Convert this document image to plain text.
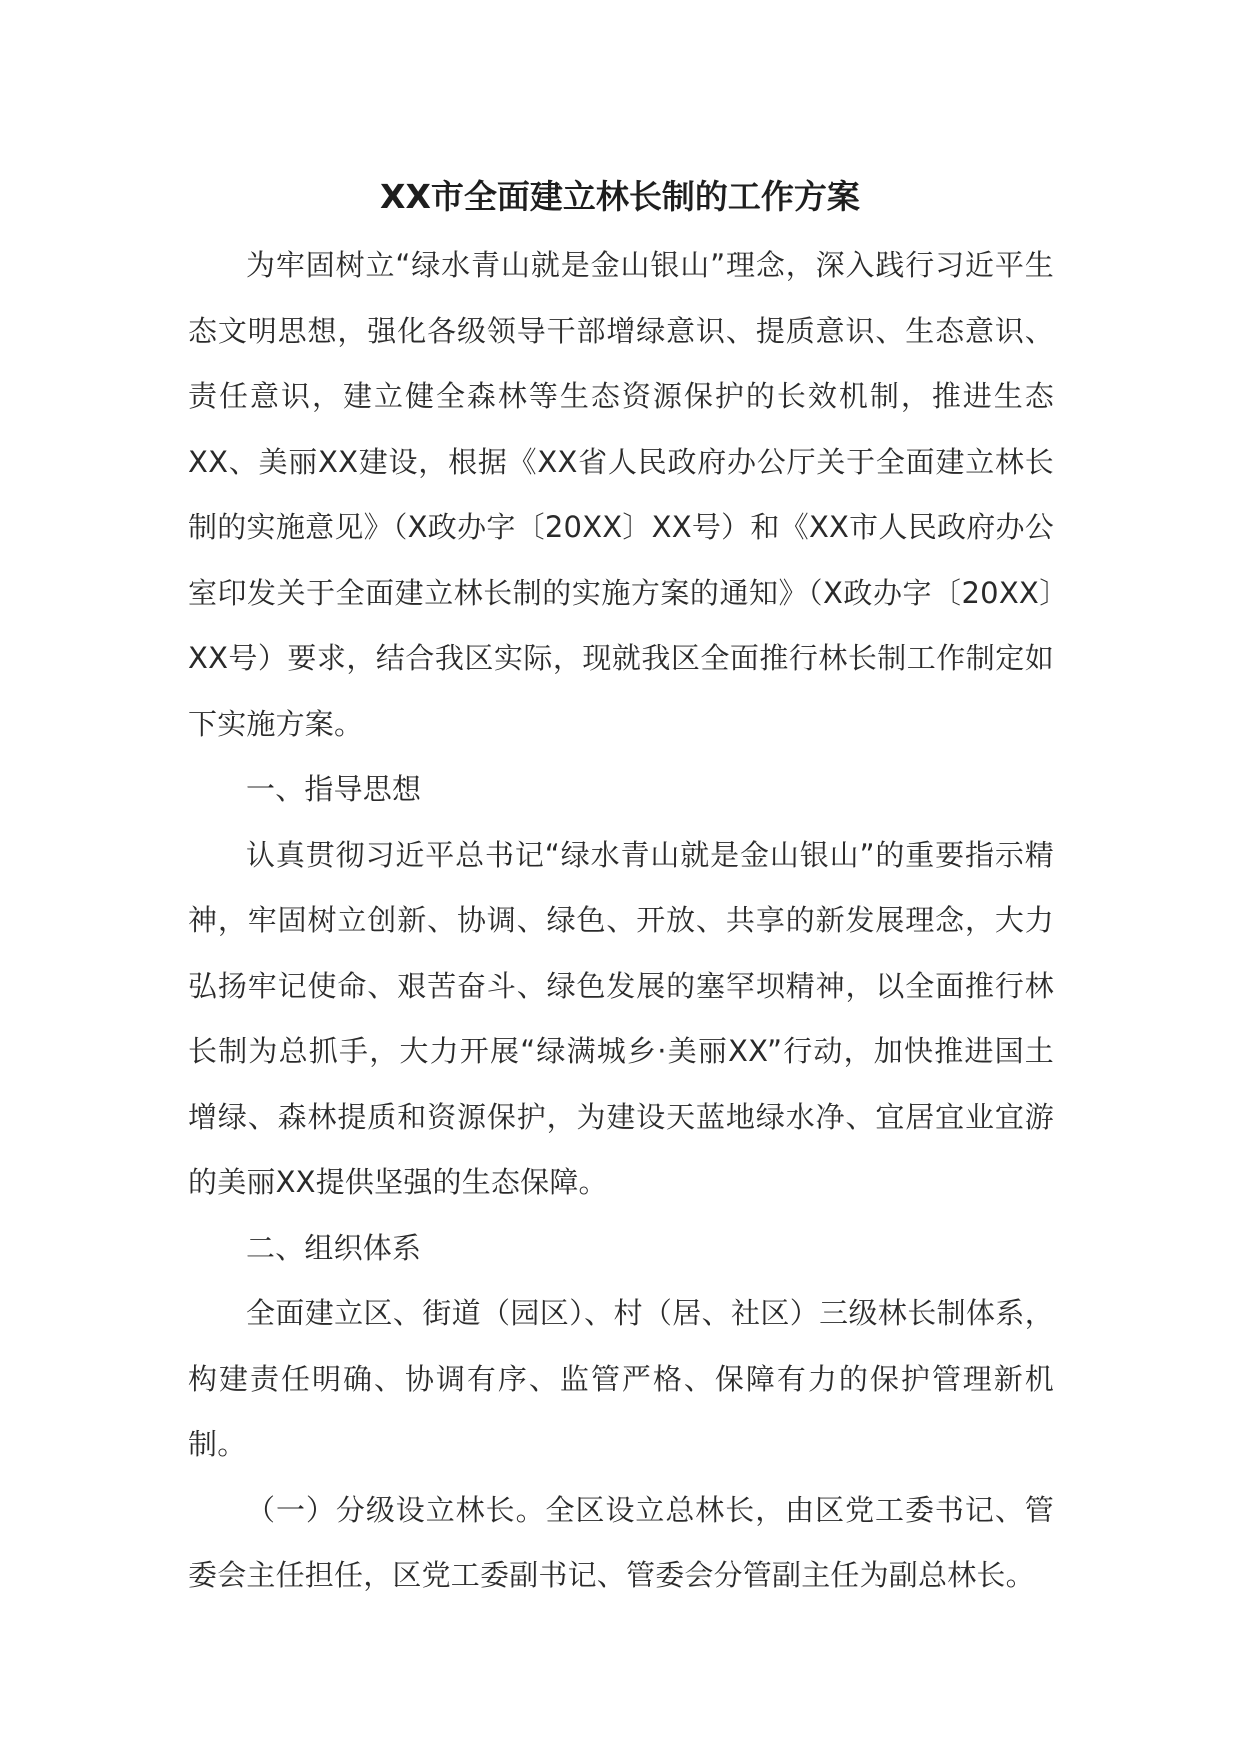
XX市全面建立林长制的工作方案

为牢固树立“绿水青山就是金山银山”理念，深入践行习近平生态文明思想，强化各级领导干部增绿意识、提质意识、生态意识、责任意识，建立健全森林等生态资源保护的长效机制，推进生态XX、美丽XX建设，根据《XX省人民政府办公厅关于全面建立林长制的实施意见》（X政办字〔20XX〕XX号）和《XX市人民政府办公室印发关于全面建立林长制的实施方案的通知》（X政办字〔20XX〕XX号）要求，结合我区实际，现就我区全面推行林长制工作制定如下实施方案。

一、指导思想

认真贯彻习近平总书记“绿水青山就是金山银山”的重要指示精神，牢固树立创新、协调、绿色、开放、共享的新发展理念，大力弘扬牢记使命、艰苦奋斗、绿色发展的塞罕坝精神，以全面推行林长制为总抓手，大力开展“绿满城乡·美丽XX”行动，加快推进国土增绿、森林提质和资源保护，为建设天蓝地绿水净、宜居宜业宜游的美丽XX提供坚强的生态保障。

二、组织体系

全面建立区、街道（园区）、村（居、社区）三级林长制体系，构建责任明确、协调有序、监管严格、保障有力的保护管理新机制。

（一）分级设立林长。全区设立总林长，由区党工委书记、管委会主任担任，区党工委副书记、管委会分管副主任为副总林长。
